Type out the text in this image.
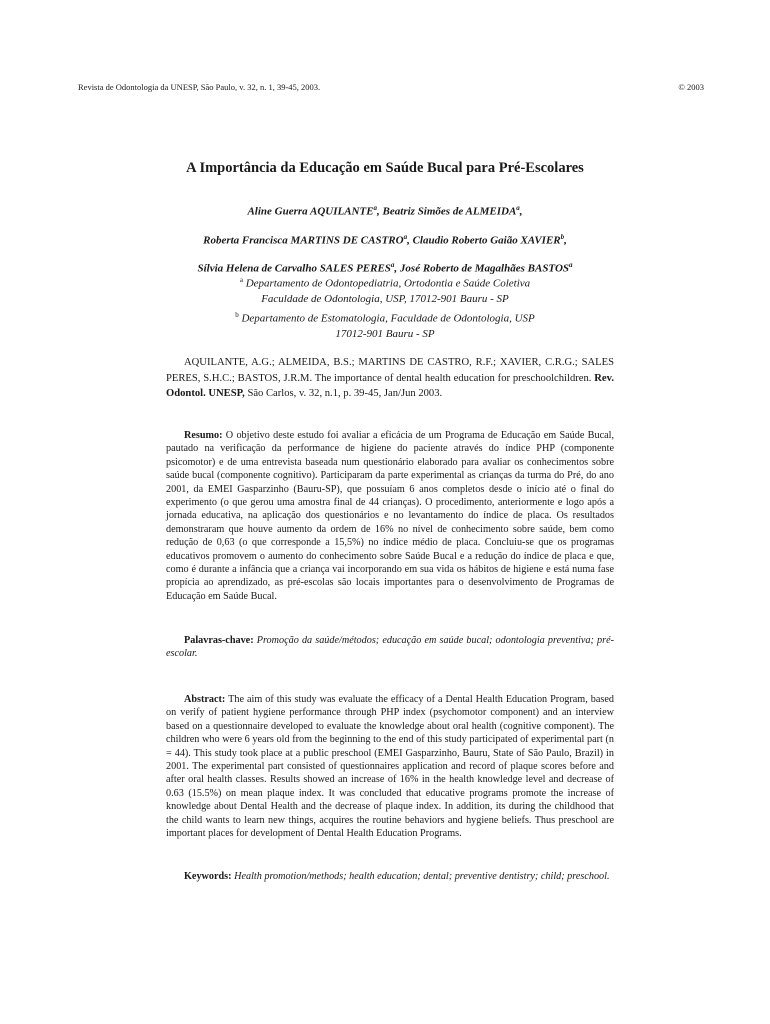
Revista de Odontologia da UNESP, São Paulo, v. 32, n. 1, 39-45, 2003.	© 2003
A Importância da Educação em Saúde Bucal para Pré-Escolares
Aline Guerra AQUILANTE$^a$, Beatriz Simões de ALMEIDA$^a$,
Roberta Francisca MARTINS DE CASTRO$^a$, Claudio Roberto Gaião XAVIER$^b$,
Sílvia Helena de Carvalho SALES PERES$^a$, José Roberto de Magalhães BASTOS$^a$
$^a$ Departamento de Odontopediatria, Ortodontia e Saúde Coletiva
Faculdade de Odontologia, USP, 17012-901 Bauru - SP
$^b$ Departamento de Estomatologia, Faculdade de Odontologia, USP
17012-901 Bauru - SP
AQUILANTE, A.G.; ALMEIDA, B.S.; MARTINS DE CASTRO, R.F.; XAVIER, C.R.G.; SALES PERES, S.H.C.; BASTOS, J.R.M. The importance of dental health education for preschoolchildren. Rev. Odontol. UNESP, São Carlos, v. 32, n.1, p. 39-45, Jan/Jun 2003.

Resumo: O objetivo deste estudo foi avaliar a eficácia de um Programa de Educação em Saúde Bucal, pautado na verificação da performance de higiene do paciente através do índice PHP (componente psicomotor) e de uma entrevista baseada num questionário elaborado para avaliar os conhecimentos sobre saúde bucal (componente cognitivo). Participaram da parte experimental as crianças da turma do Pré, do ano 2001, da EMEI Gasparzinho (Bauru-SP), que possuíam 6 anos completos desde o início até o final do experimento (o que gerou uma amostra final de 44 crianças). O procedimento, anteriormente e logo após a jornada educativa, na aplicação dos questionários e no levantamento do índice de placa. Os resultados demonstraram que houve aumento da ordem de 16% no nível de conhecimento sobre saúde, bem como redução de 0,63 (o que corresponde a 15,5%) no índice médio de placa. Concluiu-se que os programas educativos promovem o aumento do conhecimento sobre Saúde Bucal e a redução do índice de placa e que, como é durante a infância que a criança vai incorporando em sua vida os hábitos de higiene e está numa fase propícia ao aprendizado, as pré-escolas são locais importantes para o desenvolvimento de Programas de Educação em Saúde Bucal.

Palavras-chave: Promoção da saúde/métodos; educação em saúde bucal; odontologia preventiva; pré-escolar.

Abstract: The aim of this study was evaluate the efficacy of a Dental Health Education Program, based on verify of patient hygiene performance through PHP index (psychomotor component) and an interview based on a questionnaire developed to evaluate the knowledge about oral health (cognitive component). The children who were 6 years old from the beginning to the end of this study participated of experimental part (n = 44). This study took place at a public preschool (EMEI Gasparzinho, Bauru, State of São Paulo, Brazil) in 2001. The experimental part consisted of questionnaires application and record of plaque scores before and after oral health classes. Results showed an increase of 16% in the health knowledge level and decrease of 0.63 (15.5%) on mean plaque index. It was concluded that educative programs promote the increase of knowledge about Dental Health and the decrease of plaque index. In addition, its during the childhood that the child wants to learn new things, acquires the routine behaviors and hygiene beliefs. Thus preschool are important places for development of Dental Health Education Programs.

Keywords: Health promotion/methods; health education; dental; preventive dentistry; child; preschool.
